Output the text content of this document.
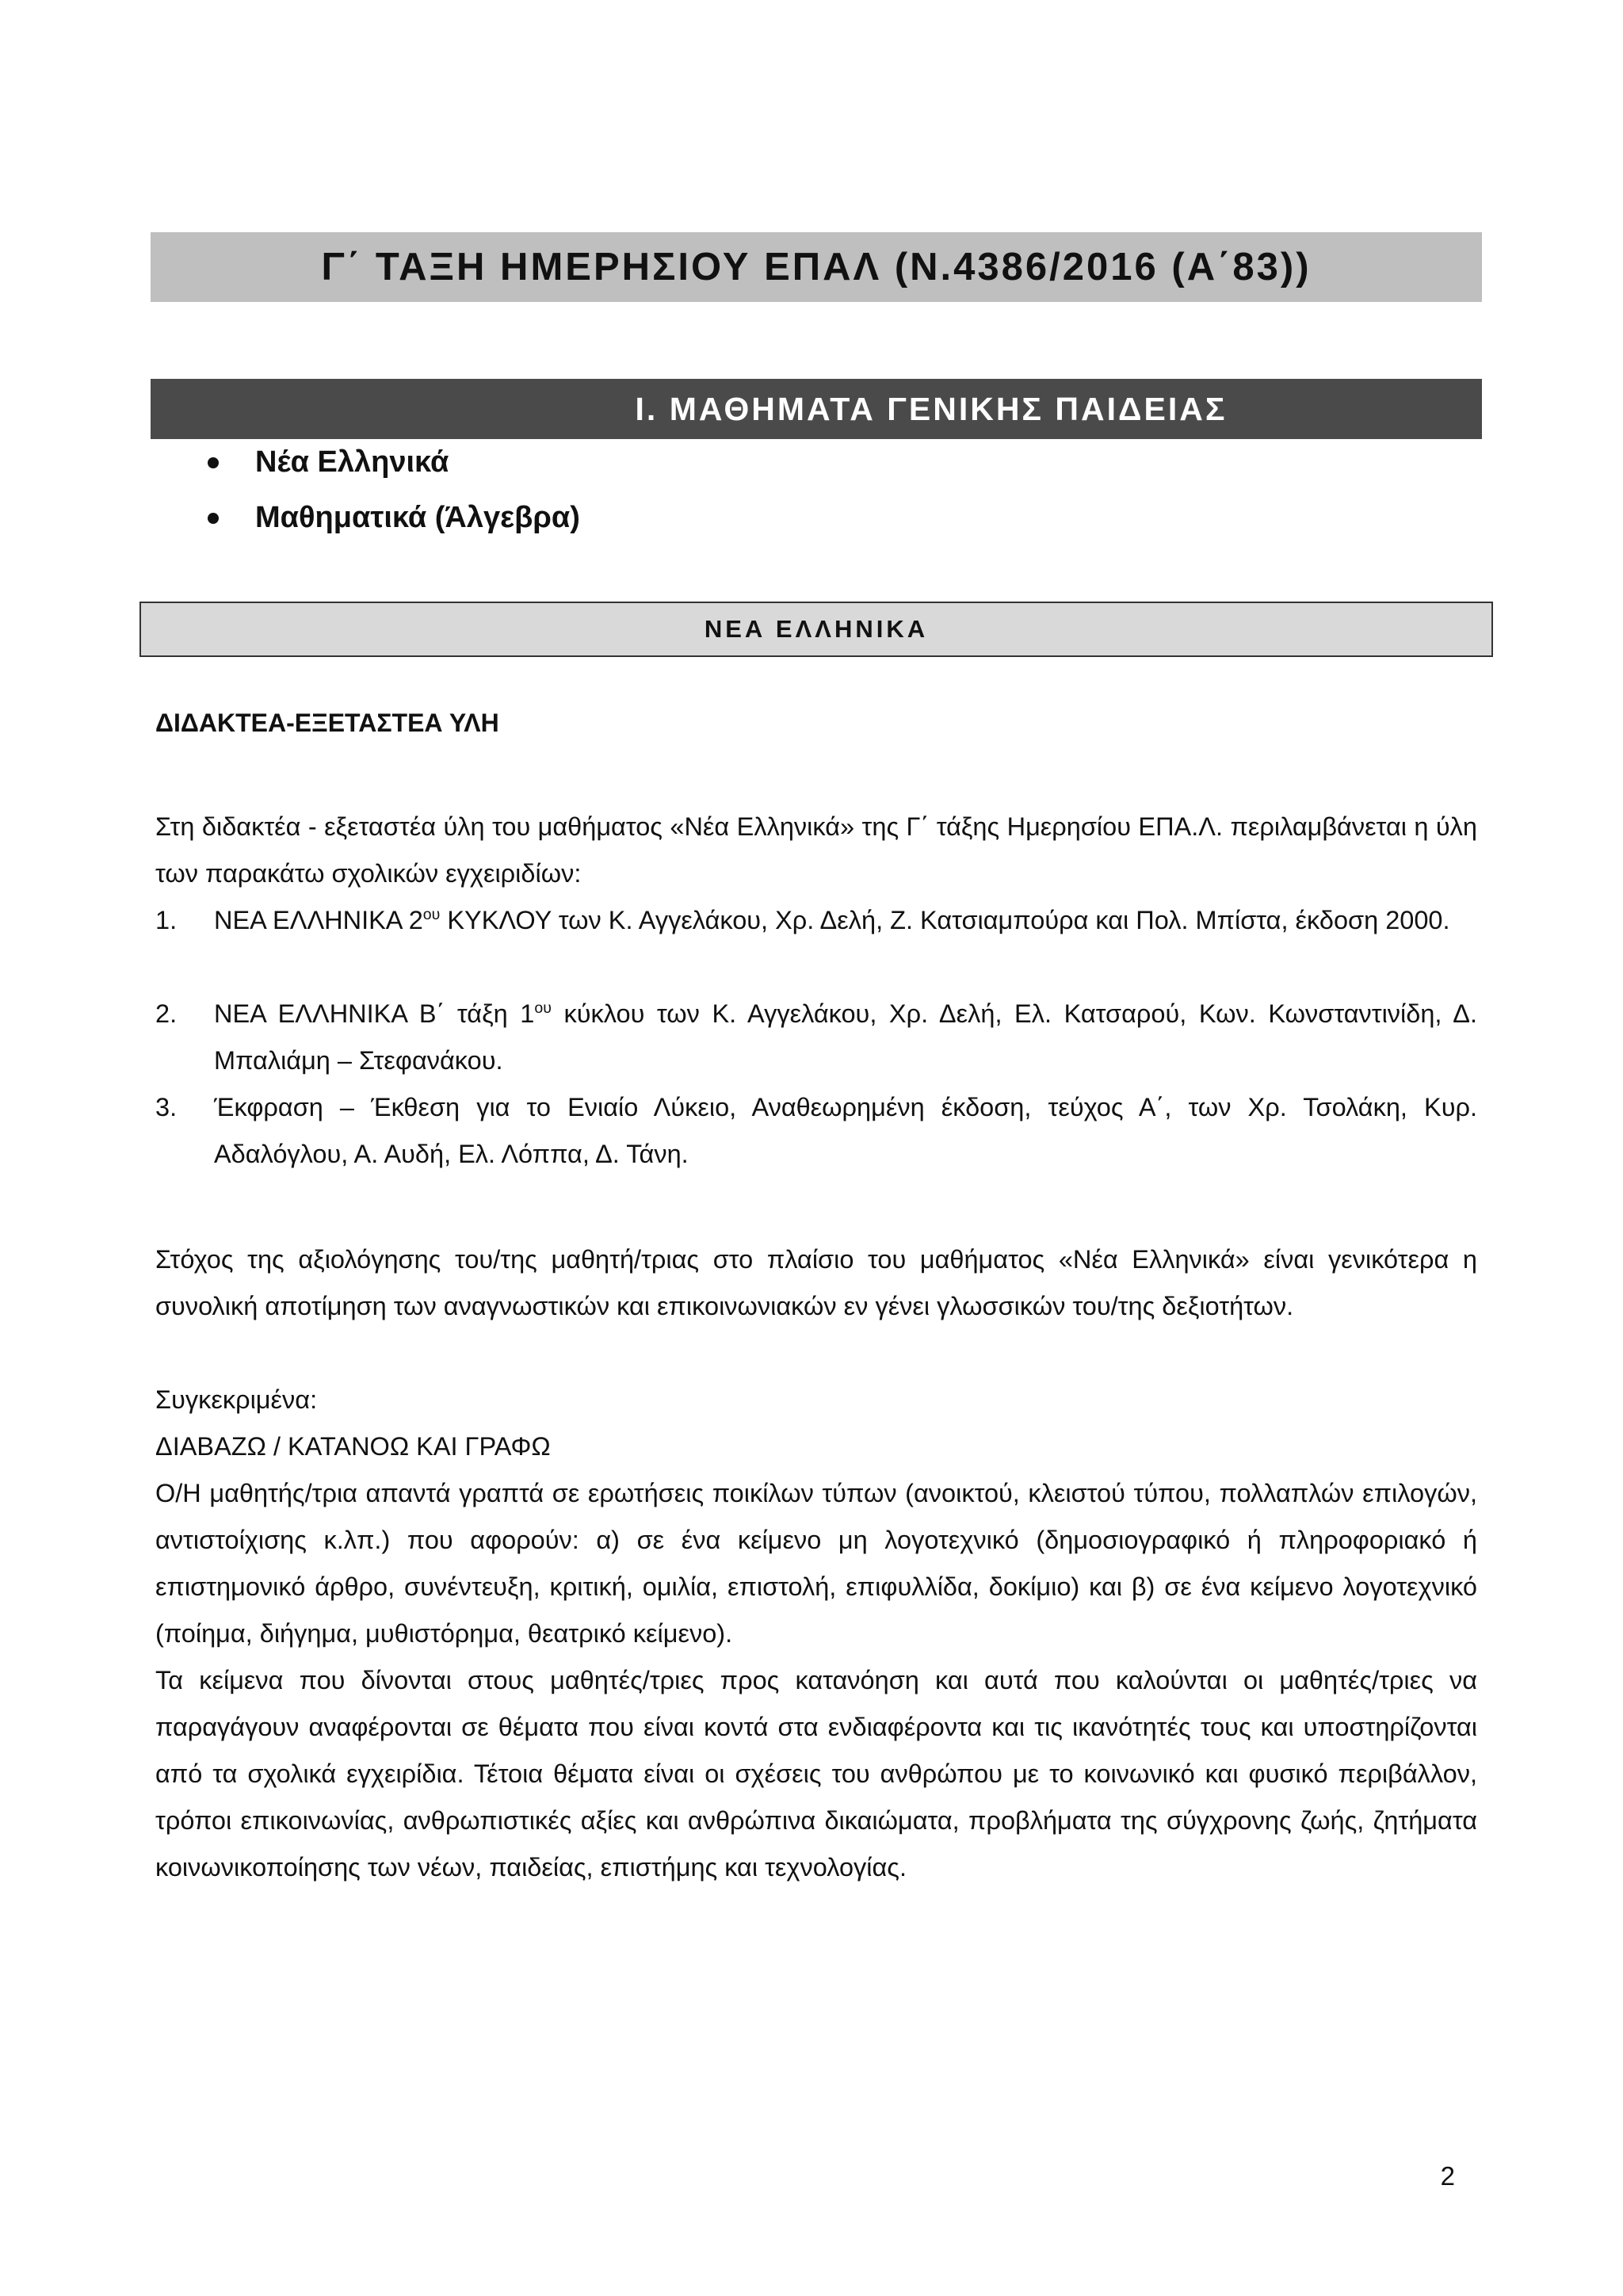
Γ΄ ΤΑΞΗ ΗΜΕΡΗΣΙΟΥ ΕΠΑΛ (Ν.4386/2016 (Α΄83))
Ι. ΜΑΘΗΜΑΤΑ ΓΕΝΙΚΗΣ ΠΑΙΔΕΙΑΣ
Νέα Ελληνικά
Μαθηματικά (Άλγεβρα)
ΝΕΑ ΕΛΛΗΝΙΚΑ

ΔΙΔΑΚΤΕΑ-ΕΞΕΤΑΣΤΕΑ ΥΛΗ

Στη διδακτέα - εξεταστέα ύλη του μαθήματος «Νέα Ελληνικά» της Γ΄ τάξης Ημερησίου ΕΠΑ.Λ. περιλαμβάνεται η ύλη των παρακάτω σχολικών εγχειριδίων:

1.	ΝΕΑ ΕΛΛΗΝΙΚΑ $2^{o\upsilon}$ ΚΥΚΛΟΥ των Κ. Αγγελάκου, Χρ. Δελή, Ζ. Κατσιαμπούρα και Πολ. Μπίστα, έκδοση 2000.
2.	ΝΕΑ ΕΛΛΗΝΙΚΑ Β΄ τάξη $1^{o\upsilon}$ κύκλου των Κ. Αγγελάκου, Χρ. Δελή, Ελ. Κατσαρού, Κων. Κωνσταντινίδη, Δ. Μπαλιάμη – Στεφανάκου.
3.	Έκφραση – Έκθεση για το Ενιαίο Λύκειο, Αναθεωρημένη έκδοση, τεύχος Α΄, των Χρ. Τσολάκη, Κυρ. Αδαλόγλου, Α. Αυδή, Ελ. Λόππα, Δ. Τάνη.

Στόχος της αξιολόγησης του/της μαθητή/τριας στο πλαίσιο του μαθήματος «Νέα Ελληνικά» είναι γενικότερα η συνολική αποτίμηση των αναγνωστικών και επικοινωνιακών εν γένει γλωσσικών του/της δεξιοτήτων.

Συγκεκριμένα:

ΔΙΑΒΑΖΩ / ΚΑΤΑΝΟΩ ΚΑΙ ΓΡΑΦΩ

Ο/Η μαθητής/τρια απαντά γραπτά σε ερωτήσεις ποικίλων τύπων (ανοικτού, κλειστού τύπου, πολλαπλών επιλογών, αντιστοίχισης κ.λπ.) που αφορούν: α) σε ένα κείμενο μη λογοτεχνικό (δημοσιογραφικό ή πληροφοριακό ή επιστημονικό άρθρο, συνέντευξη, κριτική, ομιλία, επιστολή, επιφυλλίδα, δοκίμιο) και β) σε ένα κείμενο λογοτεχνικό (ποίημα, διήγημα, μυθιστόρημα, θεατρικό κείμενο).

Τα κείμενα που δίνονται στους μαθητές/τριες προς κατανόηση και αυτά που καλούνται οι μαθητές/τριες να παραγάγουν αναφέρονται σε θέματα που είναι κοντά στα ενδιαφέροντα και τις ικανότητές τους και υποστηρίζονται από τα σχολικά εγχειρίδια. Τέτοια θέματα είναι οι σχέσεις του ανθρώπου με το κοινωνικό και φυσικό περιβάλλον, τρόποι επικοινωνίας, ανθρωπιστικές αξίες και ανθρώπινα δικαιώματα, προβλήματα της σύγχρονης ζωής, ζητήματα κοινωνικοποίησης των νέων, παιδείας, επιστήμης και τεχνολογίας.

2
